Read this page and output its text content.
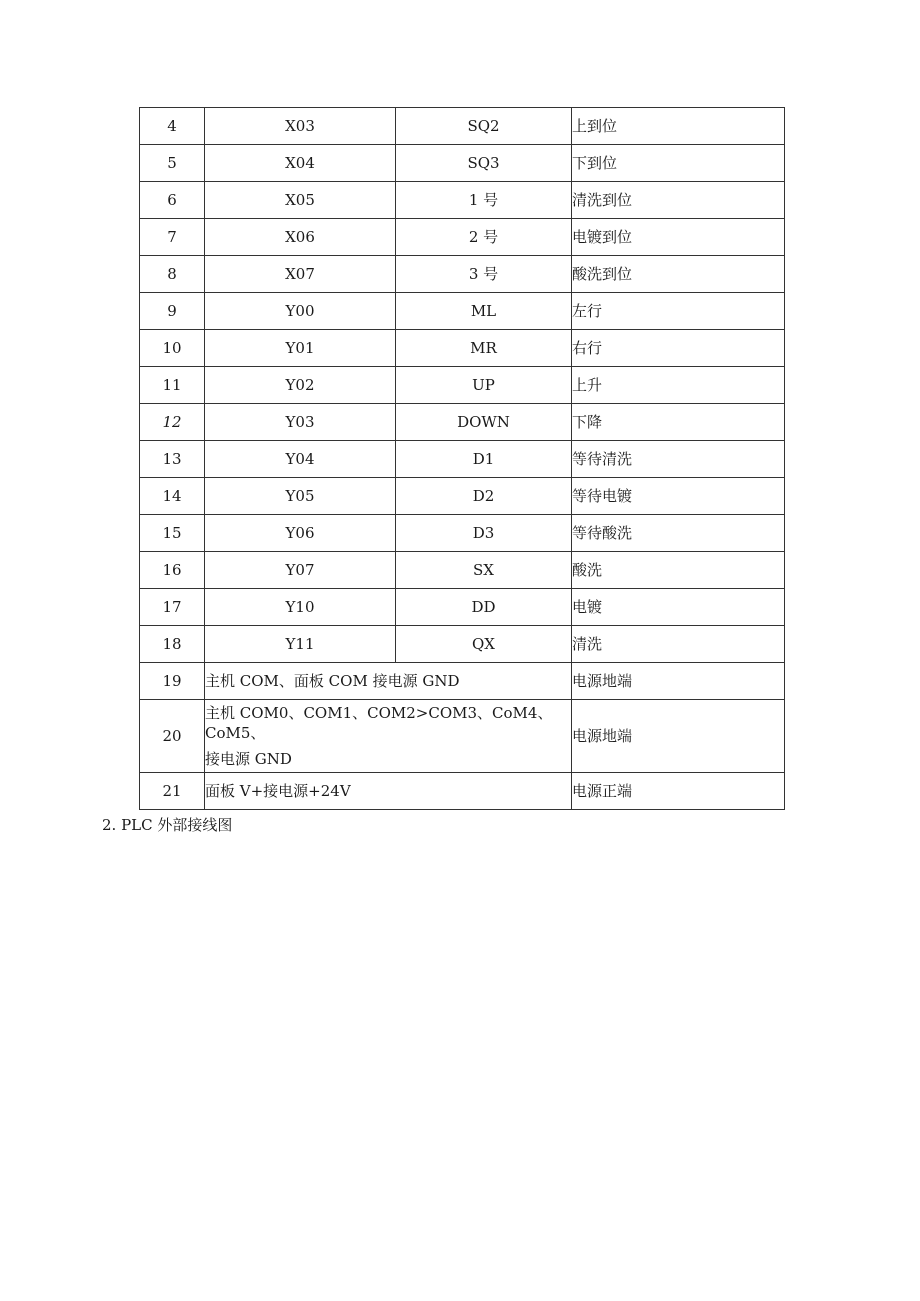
4	X03	SQ2	上到位
5	X04	SQ3	下到位
6	X05	1 号	清洗到位
7	X06	2 号	电镀到位
8	X07	3 号	酸洗到位
9	Y00	ML	左行
10	Y01	MR	右行
11	Y02	UP	上升
12	Y03	DOWN	下降
13	Y04	D1	等待清洗
14	Y05	D2	等待电镀
15	Y06	D3	等待酸洗
16	Y07	SX	酸洗
17	Y10	DD	电镀
18	Y11	QX	清洗
19	主机 COM、面板 COM 接电源 GND		电源地端
20	主机 COM0、COM1、COM2>COM3、CoM4、CoM5、
接电源 GND		电源地端
21	面板 V+接电源+24V		电源正端
2. PLC 外部接线图
